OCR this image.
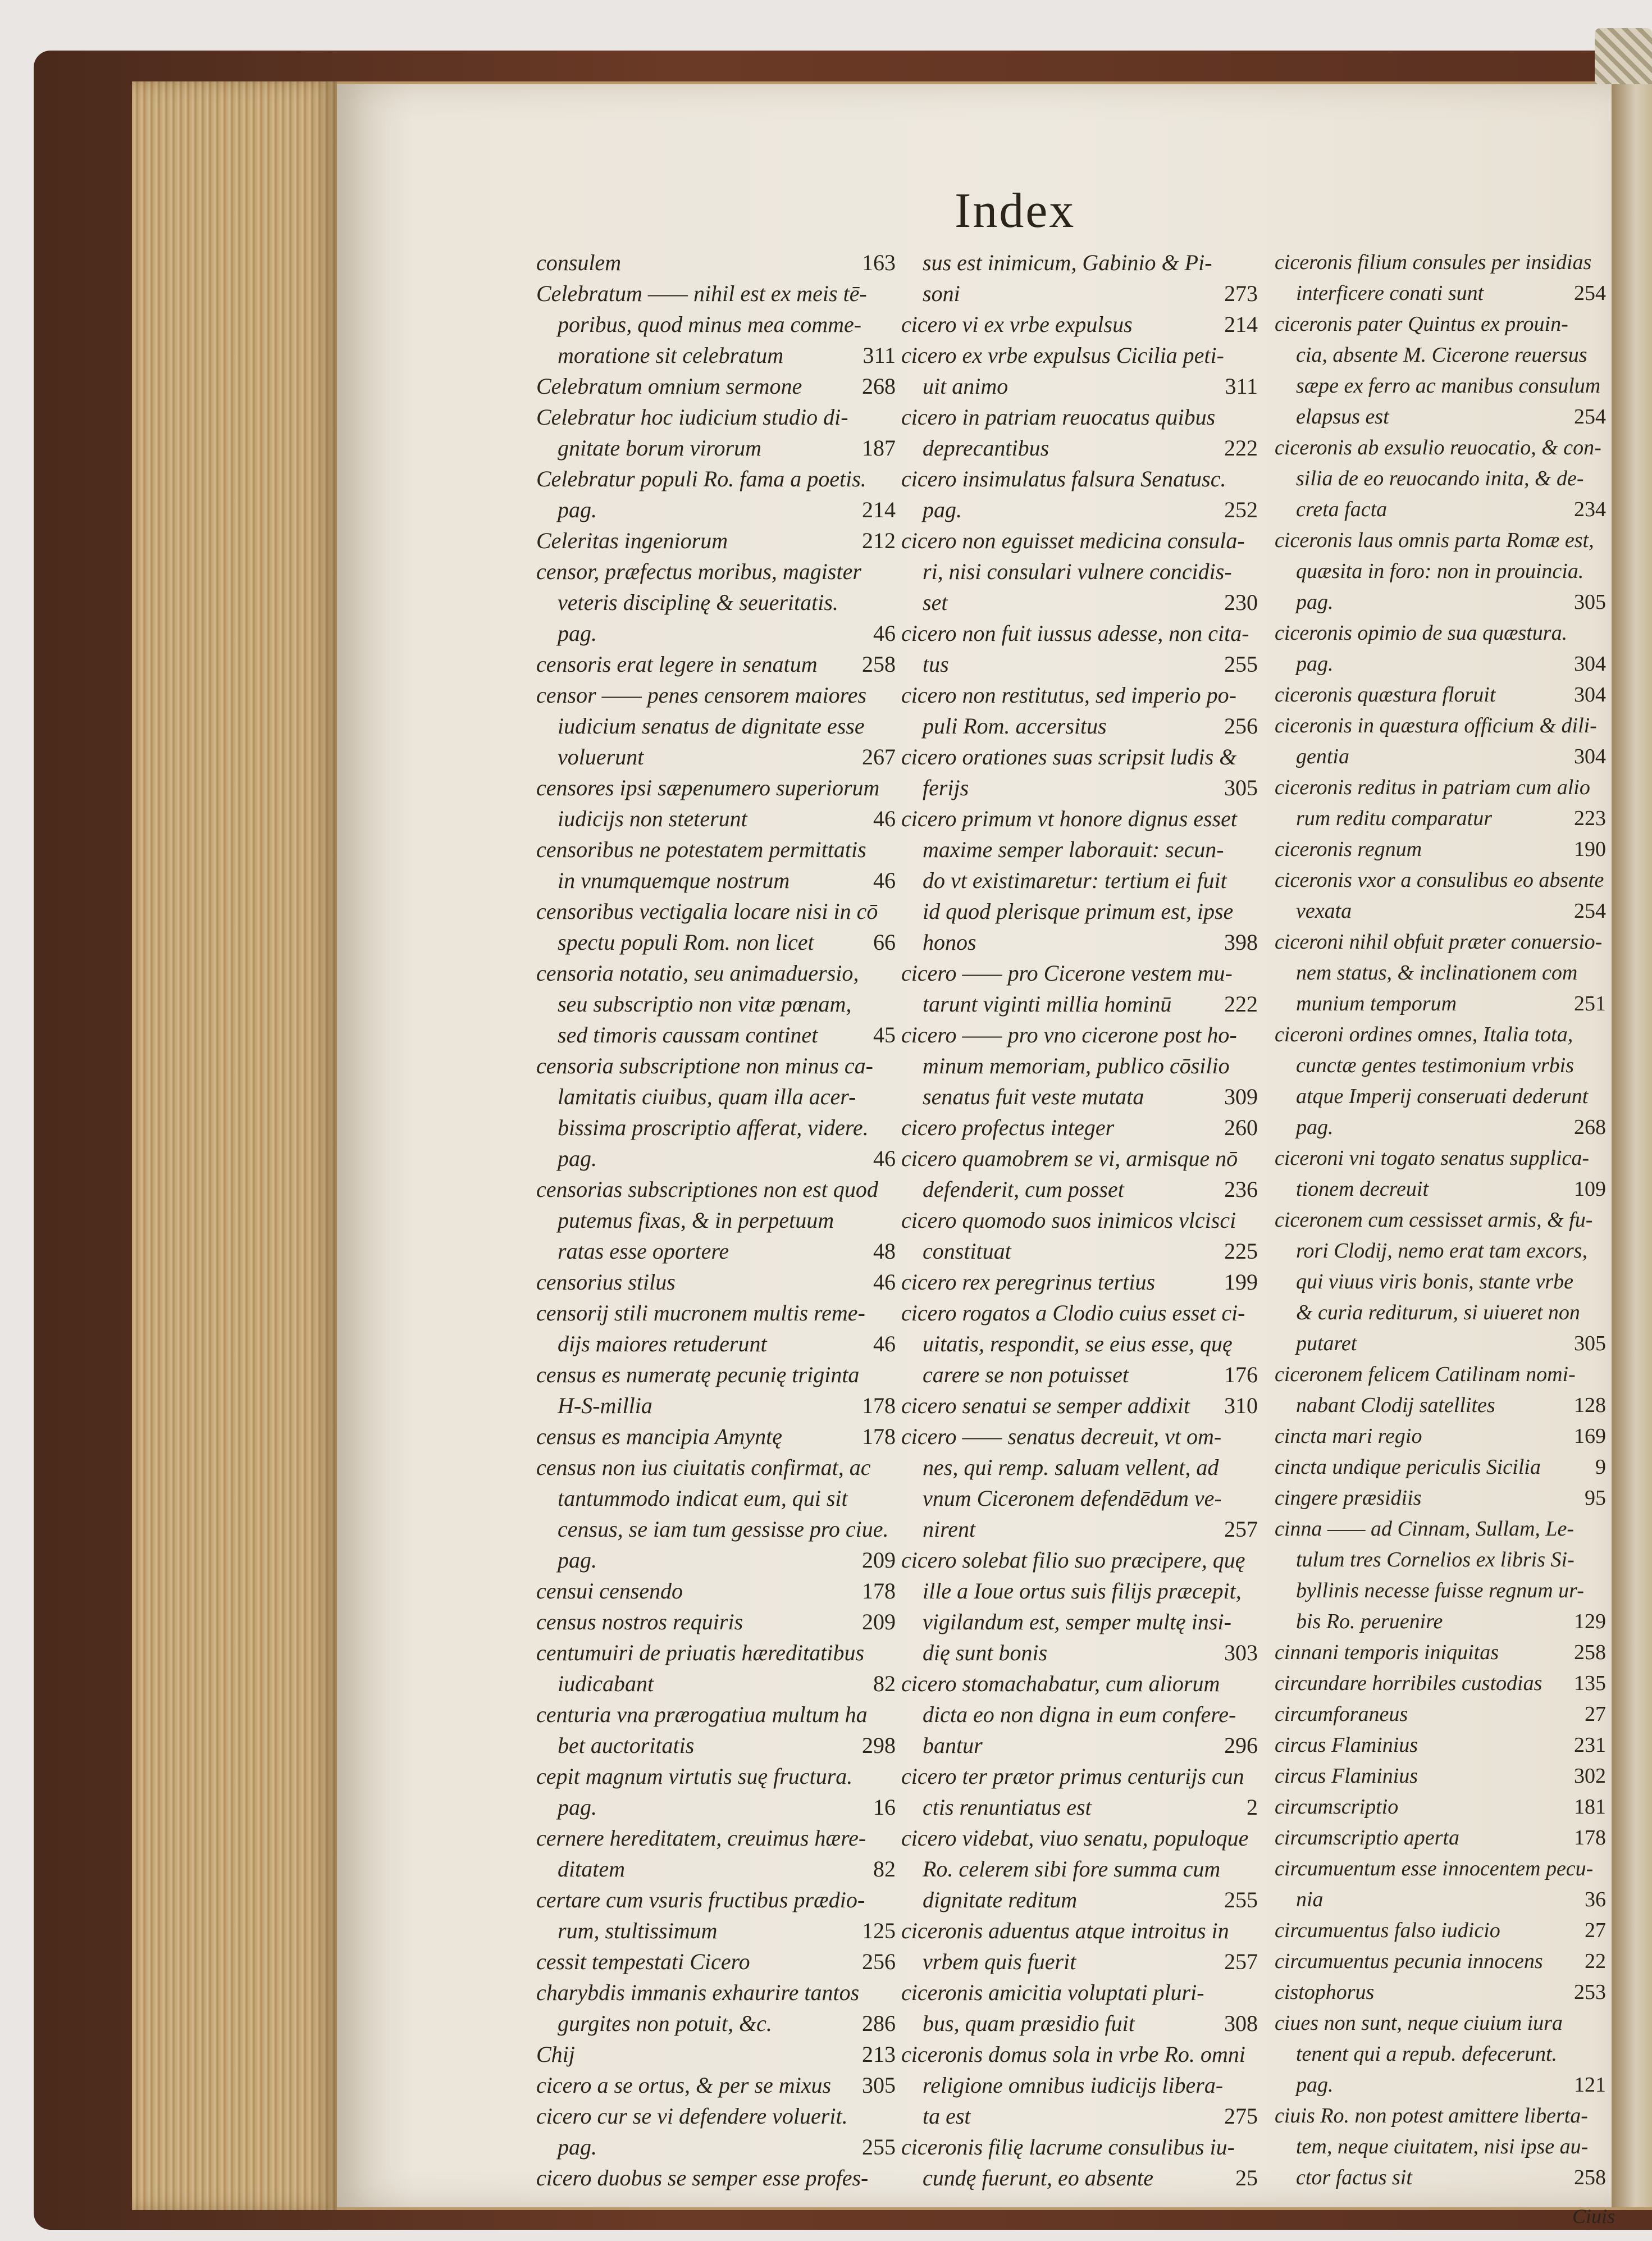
Index
consulem	163
Celebratum —— nihil est ex meis tē-
poribus, quod minus mea comme-
moratione sit celebratum	311
Celebratum omnium sermone	268
Celebratur hoc iudicium studio di-
gnitate borum virorum	187
Celebratur populi Ro. fama a poetis.
pag.	214
Celeritas ingeniorum	212
censor, præfectus moribus, magister
veteris disciplinę & seueritatis.
pag.	46
censoris erat legere in senatum 258
censor —— penes censorem maiores
iudicium senatus de dignitate esse
voluerunt	267
censores ipsi sæpenumero superiorum
iudicijs non steterunt	46
censoribus ne potestatem permittatis
in vnumquemque nostrum	46
censoribus vectigalia locare nisi in cō
spectu populi Rom. non licet	66
censoria notatio, seu animaduersio,
seu subscriptio non vitæ pœnam,
sed timoris caussam continet 45
censoria subscriptione non minus ca-
lamitatis ciuibus, quam illa acer-
bissima proscriptio afferat, videre.
pag.	46
censorias subscriptiones non est quod
putemus fixas, & in perpetuum
ratas esse oportere	48
censorius stilus	46
censorij stili mucronem multis reme-
dijs maiores retuderunt	46
census es numeratę pecunię triginta
H-S-millia	178
census es mancipia Amyntę	178
census non ius ciuitatis confirmat, ac
tantummodo indicat eum, qui sit
census, se iam tum gessisse pro ciue.
pag.	209
censui censendo	178
census nostros requiris	209
centumuiri de priuatis hæreditatibus
iudicabant	82
centuria vna prærogatiua multum ha
bet auctoritatis	298
cepit magnum virtutis suę fructura.
pag.	16
cernere hereditatem, creuimus hære-
ditatem	82
certare cum vsuris fructibus prædio-
rum, stultissimum	125
cessit tempestati Cicero	256
charybdis immanis exhaurire tantos
gurgites non potuit, &c.	286
Chij	213
cicero a se ortus, & per se mixus 305
cicero cur se vi defendere voluerit.
pag.	255
cicero duobus se semper esse profes-
sus est inimicum, Gabinio & Pi-
soni	273
cicero vi ex vrbe expulsus	214
cicero ex vrbe expulsus Cicilia peti-
uit animo	311
cicero in patriam reuocatus quibus
deprecantibus	222
cicero insimulatus falsura Senatusc.
pag.	252
cicero non eguisset medicina consula-
ri, nisi consulari vulnere concidis-
set	230
cicero non fuit iussus adesse, non cita-
tus	255
cicero non restitutus, sed imperio po-
puli Rom. accersitus	256
cicero orationes suas scripsit ludis &
ferijs	305
cicero primum vt honore dignus esset
maxime semper laborauit: secun-
do vt existimaretur: tertium ei fuit
id quod plerisque primum est, ipse
honos	398
cicero —— pro Cicerone vestem mu-
tarunt viginti millia hominū 222
cicero —— pro vno cicerone post ho-
minum memoriam, publico cōsilio
senatus fuit veste mutata	309
cicero profectus integer	260
cicero quamobrem se vi, armisque nō
defenderit, cum posset	236
cicero quomodo suos inimicos vlcisci
constituat	225
cicero rex peregrinus tertius	199
cicero rogatos a Clodio cuius esset ci-
uitatis, respondit, se eius esse, quę
carere se non potuisset	176
cicero senatui se semper addixit 310
cicero —— senatus decreuit, vt om-
nes, qui remp. saluam vellent, ad
vnum Ciceronem defendēdum ve-
nirent	257
cicero solebat filio suo præcipere, quę
ille a Ioue ortus suis filijs præcepit,
vigilandum est, semper multę insi-
dię sunt bonis	303
cicero stomachabatur, cum aliorum
dicta eo non digna in eum confere-
bantur	296
cicero ter prætor primus centurijs cun
ctis renuntiatus est	2
cicero videbat, viuo senatu, populoque
Ro. celerem sibi fore summa cum
dignitate reditum	255
ciceronis aduentus atque introitus in
vrbem quis fuerit	257
ciceronis amicitia voluptati pluri-
bus, quam præsidio fuit	308
ciceronis domus sola in vrbe Ro. omni
religione omnibus iudicijs libera-
ta est	275
ciceronis filię lacrume consulibus iu-
cundę fuerunt, eo absente	25
ciceronis filium consules per insidias
interficere conati sunt	254
ciceronis pater Quintus ex prouin-
cia, absente M. Cicerone reuersus
sæpe ex ferro ac manibus consulum
elapsus est	254
ciceronis ab exsulio reuocatio, & con-
silia de eo reuocando inita, & de-
creta facta	234
ciceronis laus omnis parta Romæ est,
quæsita in foro: non in prouincia.
pag.	305
ciceronis opimio de sua quæstura.
pag.	304
ciceronis quæstura floruit	304
ciceronis in quæstura officium & dili-
gentia	304
ciceronis reditus in patriam cum alio
rum reditu comparatur	223
ciceronis regnum	190
ciceronis vxor a consulibus eo absente
vexata	254
ciceroni nihil obfuit præter conuersio-
nem status, & inclinationem com
munium temporum	251
ciceroni ordines omnes, Italia tota,
cunctæ gentes testimonium vrbis
atque Imperij conseruati dederunt
pag.	268
ciceroni vni togato senatus supplica-
tionem decreuit	109
ciceronem cum cessisset armis, & fu-
rori Clodij, nemo erat tam excors,
qui viuus viris bonis, stante vrbe
& curia rediturum, si uiueret non
putaret	305
ciceronem felicem Catilinam nomi-
nabant Clodij satellites	128
cincta mari regio	169
cincta undique periculis Sicilia	9
cingere præsidiis	95
cinna —— ad Cinnam, Sullam, Le-
tulum tres Cornelios ex libris Si-
byllinis necesse fuisse regnum ur-
bis Ro. peruenire	129
cinnani temporis iniquitas	258
circundare horribiles custodias 135
circumforaneus	27
circus Flaminius	231
circus Flaminius	302
circumscriptio	181
circumscriptio aperta	178
circumuentum esse innocentem pecu-
nia	36
circumuentus falso iudicio	27
circumuentus pecunia innocens 22
cistophorus	253
ciues non sunt, neque ciuium iura
tenent qui a repub. defecerunt.
pag.	121
ciuis Ro. non potest amittere liberta-
tem, neque ciuitatem, nisi ipse au-
ctor factus sit	258
Ciuis
